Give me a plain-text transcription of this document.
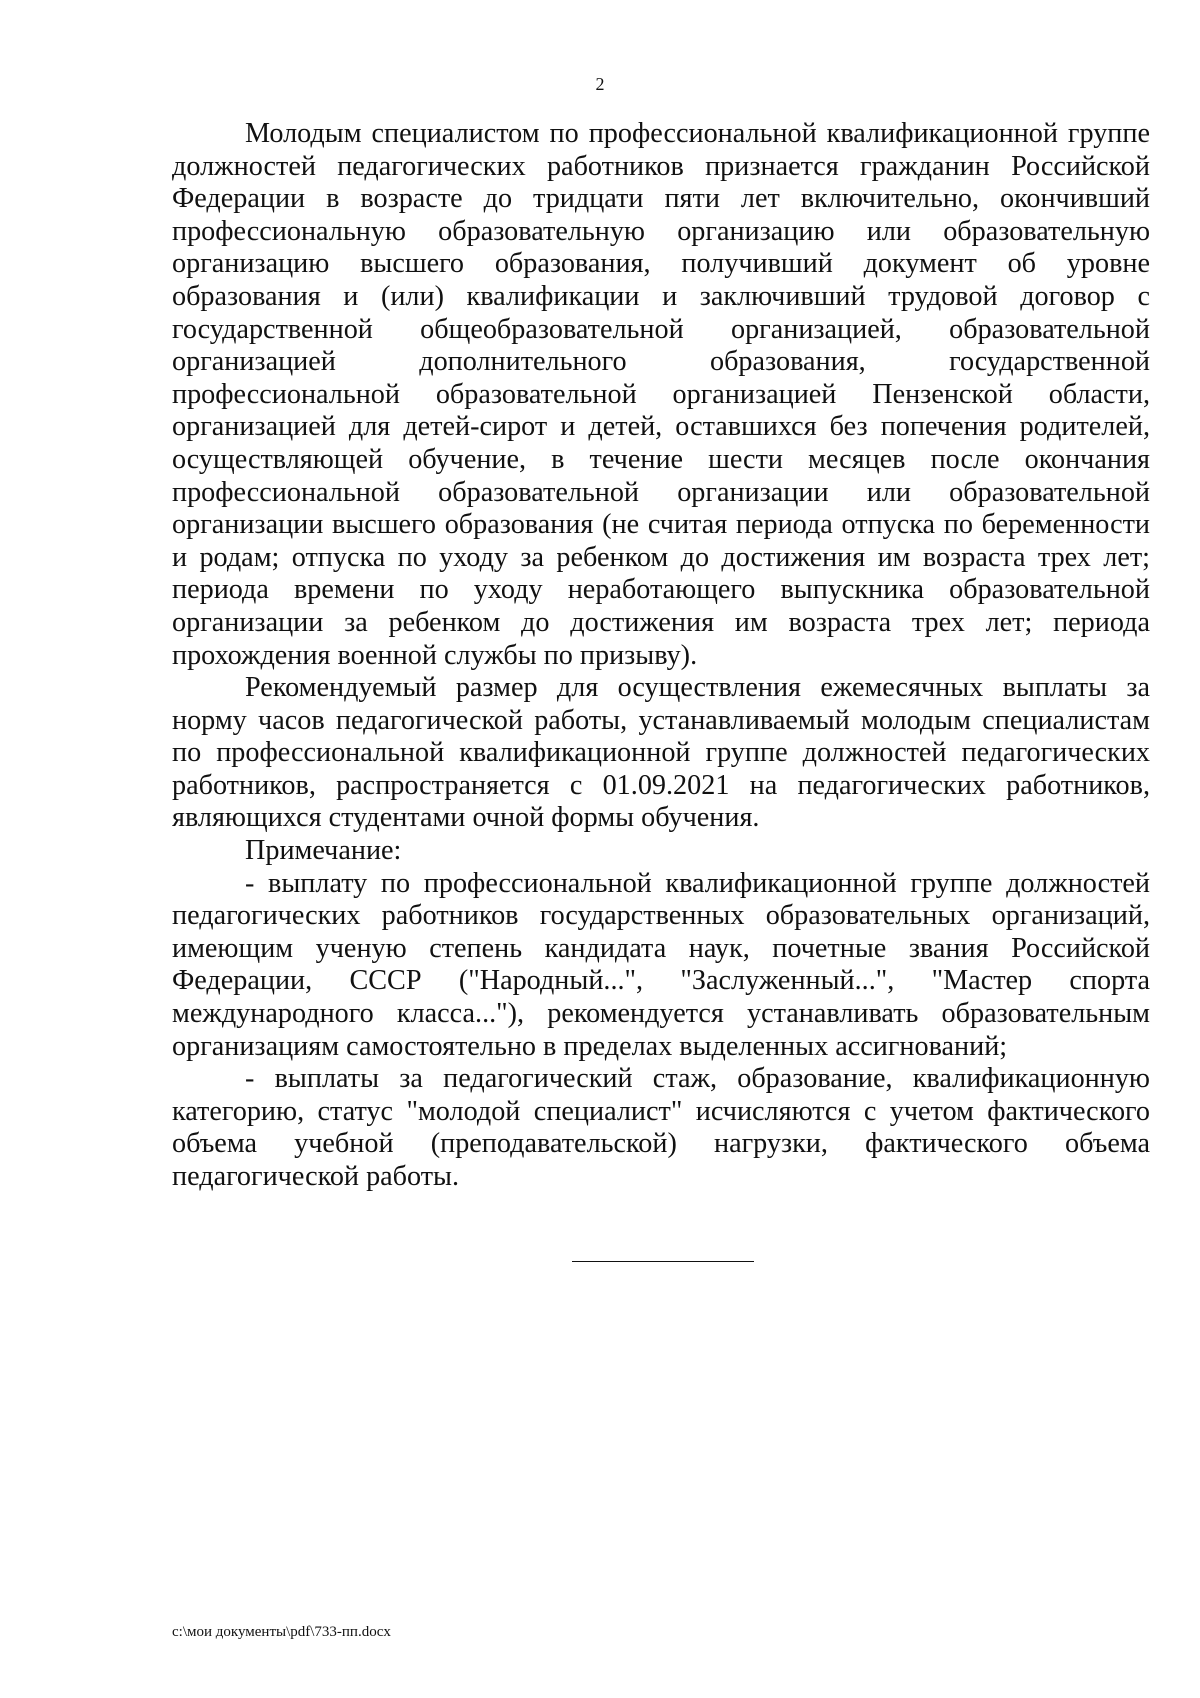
2

Молодым специалистом по профессиональной квалификационной группе должностей педагогических работников признается гражданин Российской Федерации в возрасте до тридцати пяти лет включительно, окончивший профессиональную образовательную организацию или образовательную организацию высшего образования, получивший документ об уровне образования и (или) квалификации и заключивший трудовой договор с государственной общеобразовательной организацией, образовательной организацией дополнительного образования, государственной профессиональной образовательной организацией Пензенской области, организацией для детей-сирот и детей, оставшихся без попечения родителей, осуществляющей обучение, в течение шести месяцев после окончания профессиональной образовательной организации или образовательной организации высшего образования (не считая периода отпуска по беременности и родам; отпуска по уходу за ребенком до достижения им возраста трех лет; периода времени по уходу неработающего выпускника образовательной организации за ребенком до достижения им возраста трех лет; периода прохождения военной службы по призыву).

Рекомендуемый размер для осуществления ежемесячных выплаты за норму часов педагогической работы, устанавливаемый молодым специалистам по профессиональной квалификационной группе должностей педагогических работников, распространяется с 01.09.2021 на педагогических работников, являющихся студентами очной формы обучения.

Примечание:

- выплату по профессиональной квалификационной группе должностей педагогических работников государственных образовательных организаций, имеющим ученую степень кандидата наук, почетные звания Российской Федерации, СССР ("Народный...", "Заслуженный...", "Мастер спорта международного класса..."), рекомендуется устанавливать образовательным организациям самостоятельно в пределах выделенных ассигнований;

- выплаты за педагогический стаж, образование, квалификационную категорию, статус "молодой специалист" исчисляются с учетом фактического объема учебной (преподавательской) нагрузки, фактического объема педагогической работы.

c:\мои документы\pdf\733-пп.docx
